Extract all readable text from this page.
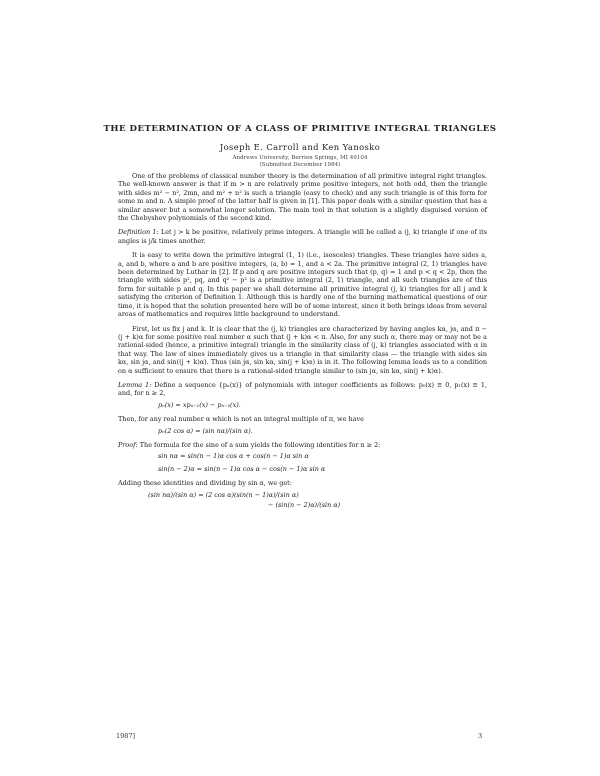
THE DETERMINATION OF A CLASS OF PRIMITIVE INTEGRAL TRIANGLES
Joseph E. Carroll and Ken Yanosko
Andrews University, Berrien Springs, MI 49104
(Submitted December 1984)

One of the problems of classical number theory is the determination of all primitive integral right triangles. The well-known answer is that if m > n are relatively prime positive integers, not both odd, then the triangle with sides m² − n², 2mn, and m² + n² is such a triangle (easy to check) and any such triangle is of this form for some m and n. A simple proof of the latter half is given in [1]. This paper deals with a similar question that has a similar answer but a somewhat longer solution. The main tool in that solution is a slightly disguised version of the Chebyshev polynomials of the second kind.

Definition 1: Let j > k be positive, relatively prime integers. A triangle will be called a (j, k) triangle if one of its angles is j/k times another.

It is easy to write down the primitive integral (1, 1) (i.e., isosceles) triangles. These triangles have sides a, a, and b, where a and b are positive integers, (a, b) = 1, and a < 2a. The primitive integral (2, 1) triangles have been determined by Luthar in [2]. If p and q are positive integers such that (p, q) = 1 and p < q < 2p, then the triangle with sides p², pq, and q² − p² is a primitive integral (2, 1) triangle, and all such triangles are of this form for suitable p and q. In this paper we shall determine all primitive integral (j, k) triangles for all j and k satisfying the criterion of Definition 1. Although this is hardly one of the burning mathematical questions of our time, it is hoped that the solution presented here will be of some interest, since it both brings ideas from several areas of mathematics and requires little background to understand.

First, let us fix j and k. It is clear that the (j, k) triangles are characterized by having angles kα, jα, and π − (j + k)α for some positive real number α such that (j + k)α < π. Also, for any such α, there may or may not be a rational-sided (hence, a primitive integral) triangle in the similarity class of (j, k) triangles associated with α in that way. The law of sines immediately gives us a triangle in that similarity class — the triangle with sides sin kα, sin jα, and sin((j + k)α). Thus (sin jα, sin kα, sin(j + k)α) is in it. The following lemma leads us to a condition on α sufficient to ensure that there is a rational-sided triangle similar to (sin jα, sin kα, sin(j + k)α).

Lemma 1: Define a sequence {pₙ(x)} of polynomials with integer coefficients as follows: p₀(x) ≡ 0, p₁(x) ≡ 1, and, for n ≥ 2,

pₙ(x) = xpₙ₋₁(x) − pₙ₋₂(x).

Then, for any real number α which is not an integral multiple of π, we have

pₙ(2 cos α) = (sin nα)/(sin α).

Proof: The formula for the sine of a sum yields the following identities for n ≥ 2:

sin nα = sin(n − 1)α cos α + cos(n − 1)α sin α
sin(n − 2)α = sin(n − 1)α cos α − cos(n − 1)α sin α

Adding these identities and dividing by sin α, we get:

(sin nα)/(sin α) = (2 cos α)(sin(n − 1)α)/(sin α)
− (sin(n − 2)α)/(sin α)
1987]	3
